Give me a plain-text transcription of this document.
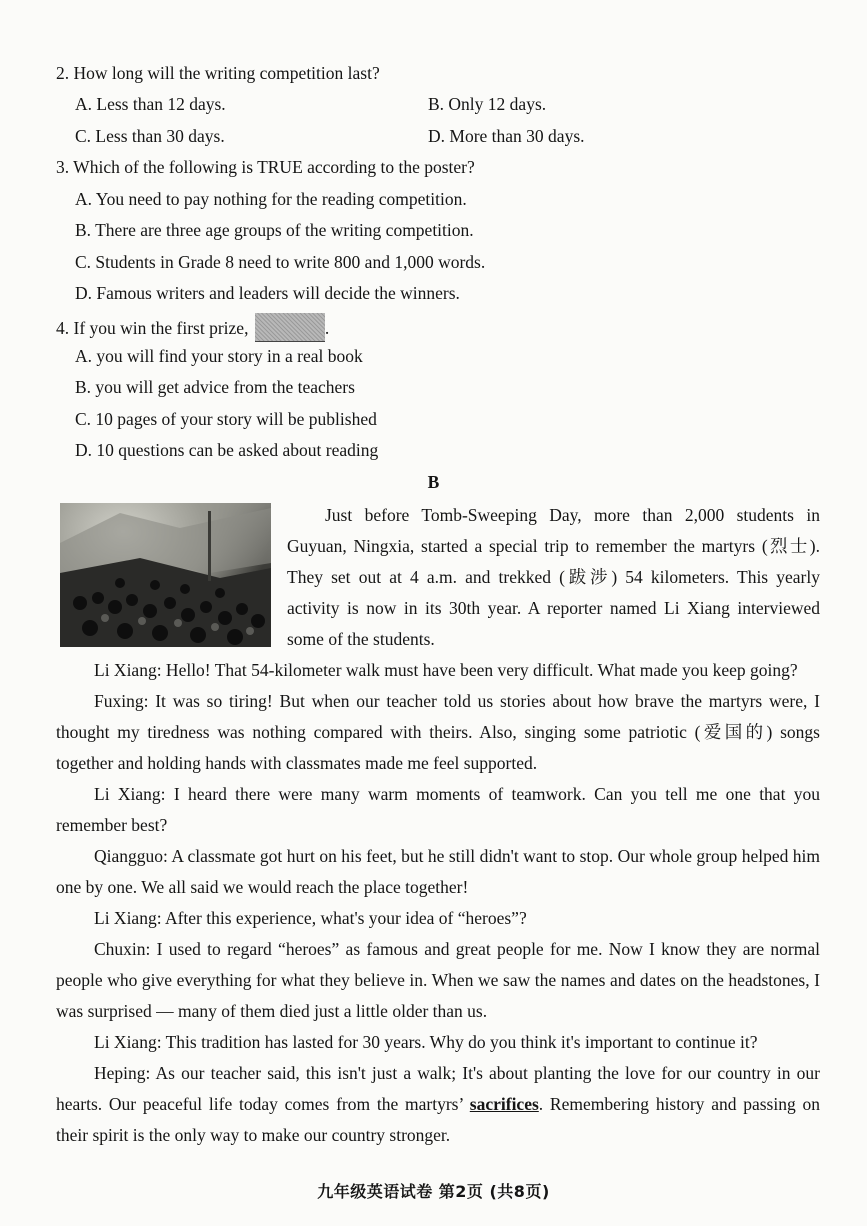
2. How long will the writing competition last?
A. Less than 12 days.	B. Only 12 days.
C. Less than 30 days.	D. More than 30 days.
3. Which of the following is TRUE according to the poster?
A. You need to pay nothing for the reading competition.
B. There are three age groups of the writing competition.
C. Students in Grade 8 need to write 800 and 1,000 words.
D. Famous writers and leaders will decide the winners.
4. If you win the first prize,	.
A. you will find your story in a real book
B. you will get advice from the teachers
C. 10 pages of your story will be published
D. 10 questions can be asked about reading
B
Just before Tomb-Sweeping Day, more than 2,000 students in Guyuan, Ningxia, started a special trip to remember the martyrs (烈士). They set out at 4 a.m. and trekked (跋涉) 54 kilometers. This yearly activity is now in its 30th year. A reporter named Li Xiang interviewed some of the students.

Li Xiang: Hello! That 54-kilometer walk must have been very difficult. What made you keep going?

Fuxing: It was so tiring! But when our teacher told us stories about how brave the martyrs were, I thought my tiredness was nothing compared with theirs. Also, singing some patriotic (爱国的) songs together and holding hands with classmates made me feel supported.

Li Xiang: I heard there were many warm moments of teamwork. Can you tell me one that you remember best?

Qiangguo: A classmate got hurt on his feet, but he still didn't want to stop. Our whole group helped him one by one. We all said we would reach the place together!

Li Xiang: After this experience, what's your idea of “heroes”?

Chuxin: I used to regard “heroes” as famous and great people for me. Now I know they are normal people who give everything for what they believe in. When we saw the names and dates on the headstones, I was surprised — many of them died just a little older than us.

Li Xiang: This tradition has lasted for 30 years. Why do you think it's important to continue it?

Heping: As our teacher said, this isn't just a walk; It's about planting the love for our country in our hearts. Our peaceful life today comes from the martyrs’ sacrifices. Remembering history and passing on their spirit is the only way to make our country stronger.

九年级英语试卷 第2页 (共8页)
